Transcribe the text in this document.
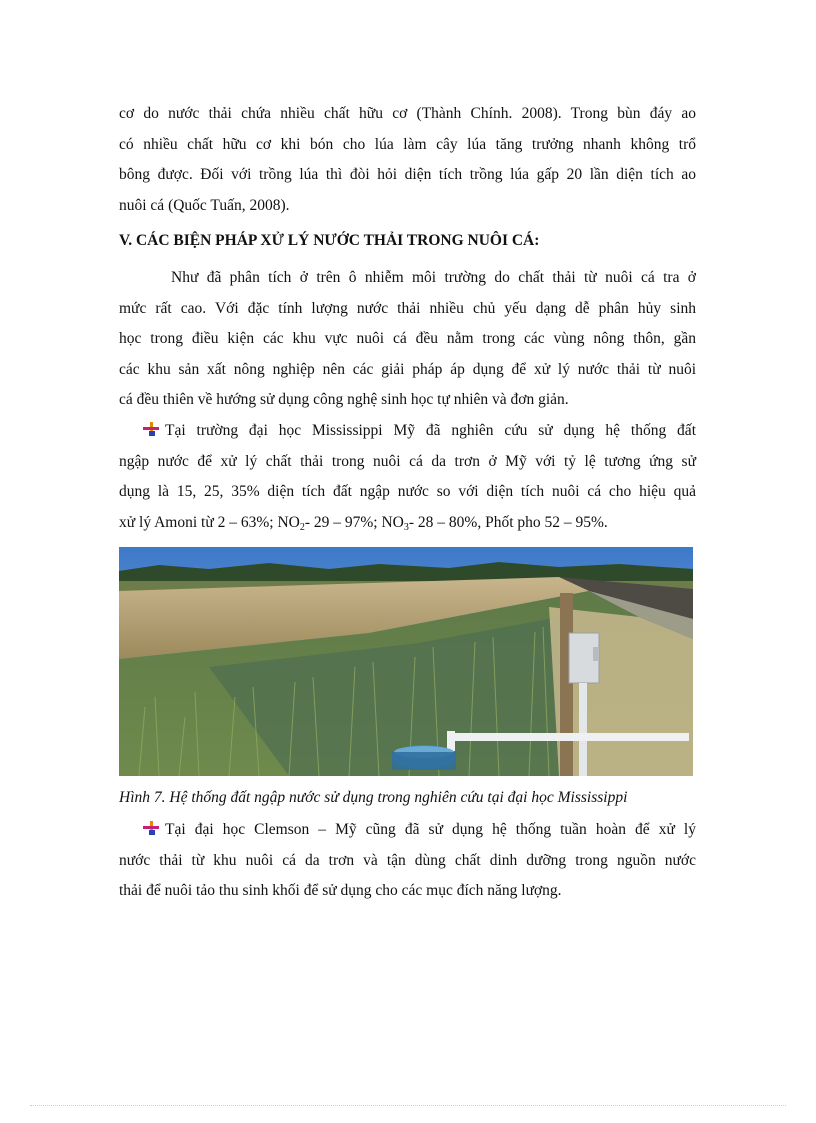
cơ do nước thải chứa nhiều chất hữu cơ (Thành Chính. 2008). Trong bùn đáy ao
có nhiều chất hữu cơ khi bón cho lúa làm cây lúa tăng trưởng nhanh không trổ
bông được. Đối với trồng lúa thì đòi hỏi diện tích trồng lúa gấp 20 lần diện tích ao
nuôi cá (Quốc Tuấn, 2008).
V. CÁC BIỆN PHÁP XỬ LÝ NƯỚC THẢI TRONG NUÔI CÁ:
Như đã phân tích ở trên ô nhiễm môi trường do chất thải từ nuôi cá tra ở
mức rất cao. Với đặc tính lượng nước thải nhiều chủ yếu dạng dễ phân hủy sinh
học trong điều kiện các khu vực nuôi cá đều nằm trong các vùng nông thôn, gần
các khu sản xất nông nghiệp nên các giải pháp áp dụng để xử lý nước thải từ nuôi
cá đều thiên về hướng sử dụng công nghệ sinh học tự nhiên và đơn giản.
Tại trường đại học Mississippi Mỹ đã nghiên cứu sử dụng hệ thống đất
ngập nước để xử lý chất thải trong nuôi cá da trơn ở Mỹ với tỷ lệ tương ứng sử
dụng là 15, 25, 35% diện tích đất ngập nước so với diện tích nuôi cá cho hiệu quả
xử lý Amoni từ 2 – 63%; $NO_2-$ 29 – 97%; $NO_3-$ 28 – 80%, Phốt pho 52 – 95%.
Hình 7. Hệ thống đất ngập nước sử dụng trong nghiên cứu tại đại học Mississippi
Tại đại học Clemson – Mỹ cũng đã sử dụng hệ thống tuần hoàn để xử lý
nước thải từ khu nuôi cá da trơn và tận dùng chất dinh dưỡng trong nguồn nước
thải để nuôi tảo thu sinh khối để sử dụng cho các mục đích năng lượng.
